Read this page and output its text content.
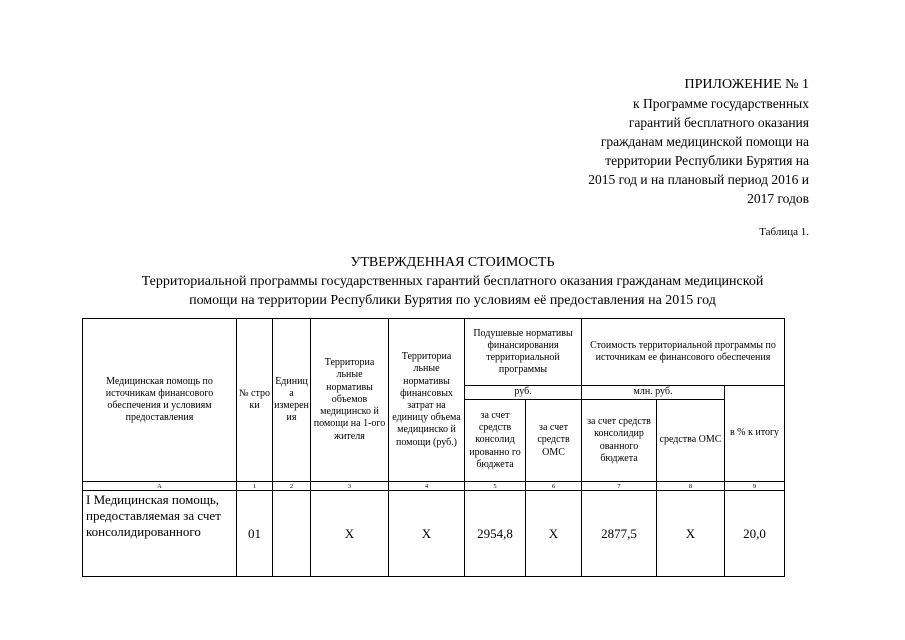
ПРИЛОЖЕНИЕ № 1
к Программе государственных
гарантий бесплатного оказания
гражданам медицинской помощи на
территории Республики Бурятия на
2015 год и на плановый период 2016 и
2017 годов
Таблица 1.
УТВЕРЖДЕННАЯ СТОИМОСТЬ
Территориальной программы государственных гарантий бесплатного оказания гражданам медицинской
помощи на территории Республики Бурятия по условиям её предоставления на 2015 год
Медицинская помощь по источникам финансового обеспечения и условиям предоставления	№ стро ки	Единиц а измерен ия	Территориа льные нормативы объемов медицинско й помощи на 1-ого жителя	Территориа льные нормативы финансовых затрат на единицу объема медицинско й помощи (руб.)	Подушевые нормативы финансирования территориальной программы		Стоимость территориальной программы по источникам ее финансового обеспечения		
					руб.		млн. руб.		в % к итогу
					за счет средств консолид ированно го бюджета	за счет средств ОМС	за счет средств консолидир ованного бюджета	средства ОМС	
А	1	2	3	4	5	6	7	8	9
I Медицинская помощь, предоставляемая за счет консолидированного	01		Х	Х	2954,8	Х	2877,5	Х	20,0
